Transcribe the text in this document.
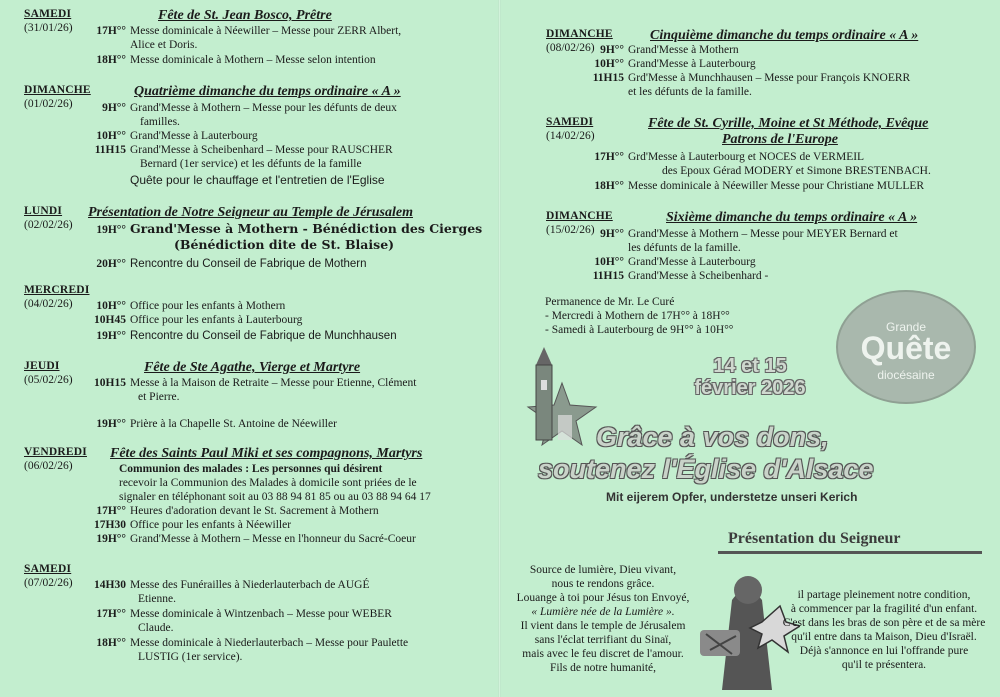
SAMEDI
(31/01/26)
Fête de St. Jean Bosco, Prêtre
17H°° Messe dominicale à Néewiller – Messe pour ZERR Albert,
Alice et Doris.
18H°° Messe dominicale à Mothern – Messe selon intention
DIMANCHE
(01/02/26)
Quatrième dimanche du temps ordinaire « A »
9H°° Grand'Messe à Mothern – Messe pour les défunts de deux
familles.
10H°° Grand'Messe à Lauterbourg
11H15 Grand'Messe à Scheibenhard – Messe pour RAUSCHER
Bernard (1er service) et les défunts de la famille
Quête pour le chauffage et l'entretien de l'Eglise
LUNDI
(02/02/26)
Présentation de Notre Seigneur au Temple de Jérusalem
19H°° Grand'Messe à Mothern - Bénédiction des Cierges
(Bénédiction dite de St. Blaise)
20H°° Rencontre du Conseil de Fabrique de Mothern
MERCREDI
(04/02/26)	10H°° Office pour les enfants à Mothern
10H45 Office pour les enfants à Lauterbourg
19H°° Rencontre du Conseil de Fabrique de Munchhausen
JEUDI
(05/02/26)
Fête de Ste Agathe, Vierge et Martyre
10H15 Messe à la Maison de Retraite – Messe pour Etienne, Clément
et Pierre.
19H°° Prière à la Chapelle St. Antoine de Néewiller
VENDREDI
(06/02/26)
Fête des Saints Paul Miki et ses compagnons, Martyrs
Communion des malades : Les personnes qui désirent
recevoir la Communion des Malades à domicile sont priées de le
signaler en téléphonant soit au 03 88 94 81 85 ou au 03 88 94 64 17
17H°° Heures d'adoration devant le St. Sacrement à Mothern
17H30 Office pour les enfants à Néewiller
19H°° Grand'Messe à Mothern – Messe en l'honneur du Sacré-Coeur
SAMEDI
(07/02/26)	14H30 Messe des Funérailles à Niederlauterbach de AUGÉ
Etienne.
17H°° Messe dominicale à Wintzenbach – Messe pour WEBER
Claude.
18H°° Messe dominicale à Niederlauterbach – Messe pour Paulette
LUSTIG (1er service).
DIMANCHE
(08/02/26)
Cinquième dimanche du temps ordinaire « A »
9H°° Grand'Messe à Mothern
10H°° Grand'Messe à Lauterbourg
11H15 Grd'Messe à Munchhausen – Messe pour François KNOERR
et les défunts de la famille.
SAMEDI
(14/02/26)
Fête de St. Cyrille, Moine et St Méthode, Evêque
Patrons de l'Europe
17H°° Grd'Messe à Lauterbourg et NOCES de VERMEIL
des Epoux Gérad MODERY et Simone BRESTENBACH.
18H°° Messe dominicale à Néewiller Messe pour Christiane MULLER
DIMANCHE
(15/02/26)
Sixième dimanche du temps ordinaire « A »
9H°° Grand'Messe à Mothern – Messe pour MEYER Bernard et
les défunts de la famille.
10H°° Grand'Messe à Lauterbourg
11H15 Grand'Messe à Scheibenhard -
Permanence de Mr. Le Curé
- Mercredi à Mothern de 17H°° à 18H°°
- Samedi à Lauterbourg de 9H°° à 10H°°
14 et 15
février 2026
Grande
Quête
diocésaine
Grâce à vos dons,
soutenez l'Église d'Alsace
Mit eijerem Opfer, understetze unseri Kerich
Présentation du Seigneur
Source de lumière, Dieu vivant,
nous te rendons grâce.
Louange à toi pour Jésus ton Envoyé,
« Lumière née de la Lumière ».
Il vient dans le temple de Jérusalem
sans l'éclat terrifiant du Sinaï,
mais avec le feu discret de l'amour.
Fils de notre humanité,
il partage pleinement notre condition,
à commencer par la fragilité d'un enfant.
C'est dans les bras de son père et de sa mère
qu'il entre dans ta Maison, Dieu d'Israël.
Déjà s'annonce en lui l'offrande pure
qu'il te présentera.
